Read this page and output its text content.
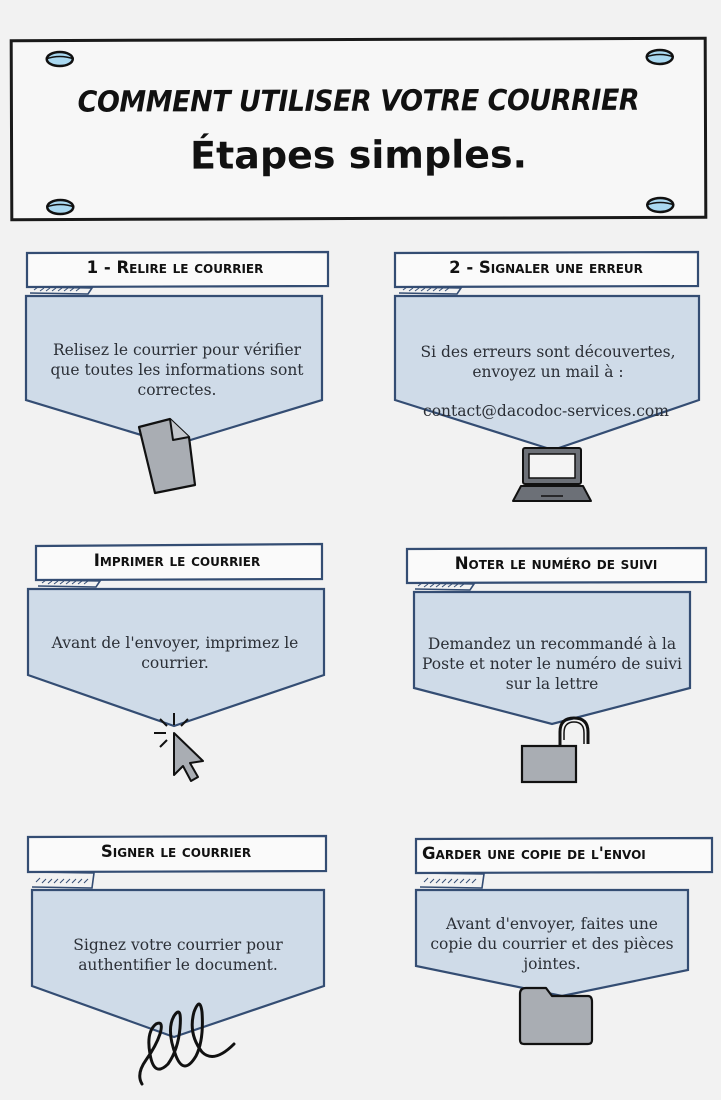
COMMENT UTILISER VOTRE COURRIER
Étapes simples.
1 - Relire le courrier
Relisez le courrier pour vérifier que toutes les informations sont correctes.
2 - Signaler une erreur
Si des erreurs sont découvertes, envoyez un mail à :
contact@dacodoc-services.com
Imprimer le courrier
Avant de l'envoyer, imprimez le courrier.
Noter le numéro de suivi
Demandez un recommandé à la Poste et noter le numéro de suivi sur la lettre
Signer le courrier
Signez votre courrier pour authentifier le document.
Garder une copie de l'envoi
Avant d'envoyer, faites une copie du courrier et des pièces jointes.
